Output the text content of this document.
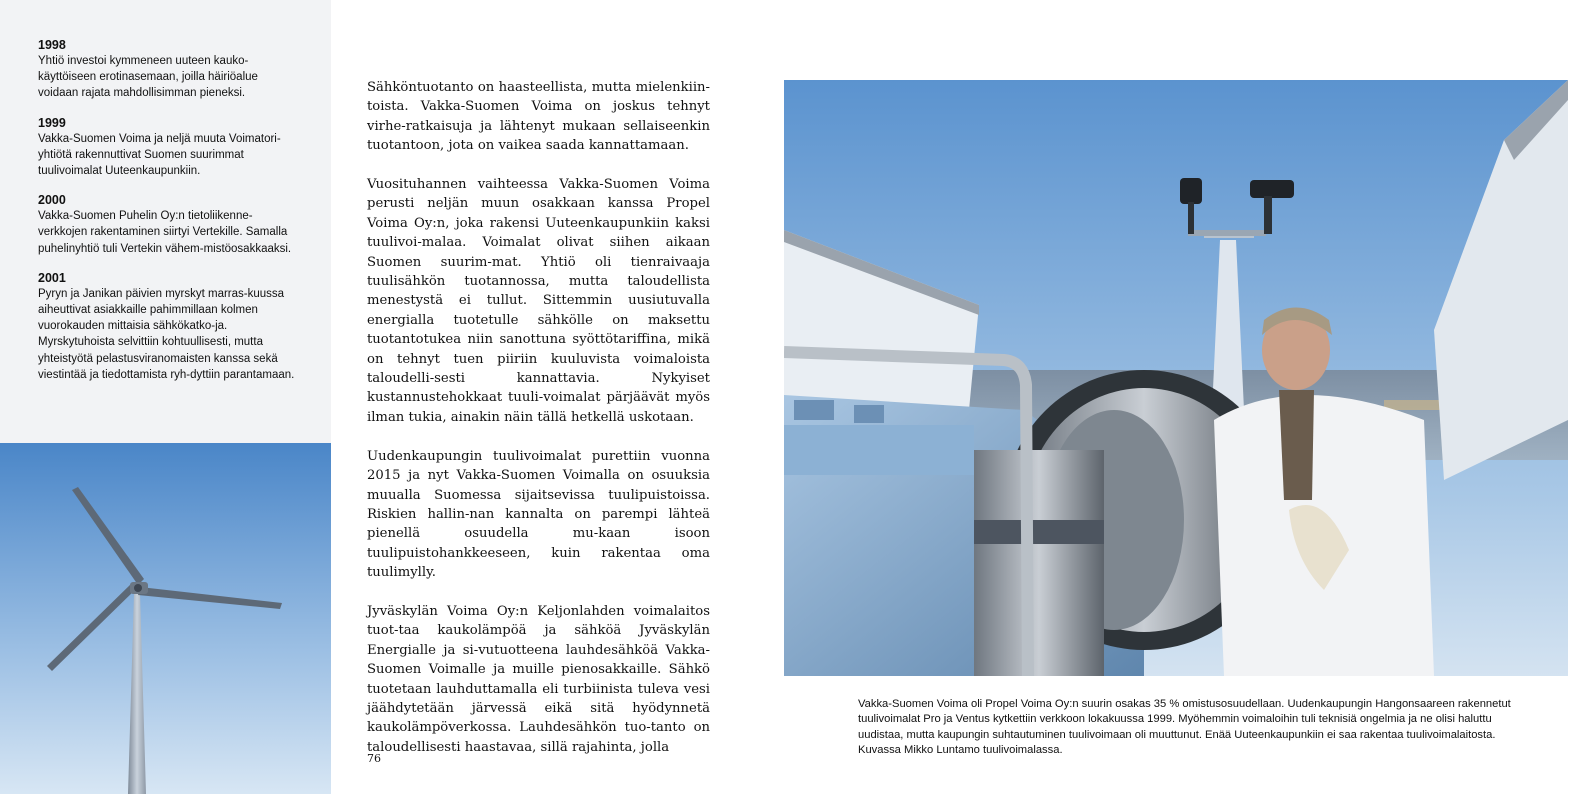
1998
Yhtiö investoi kymmeneen uuteen kauko-käyttöiseen erotinasemaan, joilla häiriöalue voidaan rajata mahdollisimman pieneksi.
1999
Vakka-Suomen Voima ja neljä muuta Voimatori-yhtiötä rakennuttivat Suomen suurimmat tuulivoimalat Uuteenkaupunkiin.
2000
Vakka-Suomen Puhelin Oy:n tietoliikenne-verkkojen rakentaminen siirtyi Vertekille. Samalla puhelinyhtiö tuli Vertekin vähem-mistöosakkaaksi.
2001
Pyryn ja Janikan päivien myrskyt marras-kuussa aiheuttivat asiakkaille pahimmillaan kolmen vuorokauden mittaisia sähkökatko-ja. Myrskytuhoista selvittiin kohtuullisesti, mutta yhteistyötä pelastusviranomaisten kanssa sekä viestintää ja tiedottamista ryh-dyttiin parantamaan.

Sähköntuotanto on haasteellista, mutta mielenkiin-toista. Vakka-Suomen Voima on joskus tehnyt virhe-ratkaisuja ja lähtenyt mukaan sellaiseenkin tuotantoon, jota on vaikea saada kannattamaan.

Vuosituhannen vaihteessa Vakka-Suomen Voima perusti neljän muun osakkaan kanssa Propel Voima Oy:n, joka rakensi Uuteenkaupunkiin kaksi tuulivoi-malaa. Voimalat olivat siihen aikaan Suomen suurim-mat. Yhtiö oli tienraivaaja tuulisähkön tuotannossa, mutta taloudellista menestystä ei tullut. Sittemmin uusiutuvalla energialla tuotetulle sähkölle on maksettu tuotantotukea niin sanottuna syöttötariffina, mikä on tehnyt tuen piiriin kuuluvista voimaloista taloudelli-sesti kannattavia. Nykyiset kustannustehokkaat tuuli-voimalat pärjäävät myös ilman tukia, ainakin näin tällä hetkellä uskotaan.

Uudenkaupungin tuulivoimalat purettiin vuonna 2015 ja nyt Vakka-Suomen Voimalla on osuuksia muualla Suomessa sijaitsevissa tuulipuistoissa. Riskien hallin-nan kannalta on parempi lähteä pienellä osuudella mu-kaan isoon tuulipuistohankkeeseen, kuin rakentaa oma tuulimylly.

Jyväskylän Voima Oy:n Keljonlahden voimalaitos tuot-taa kaukolämpöä ja sähköä Jyväskylän Energialle ja si-vutuotteena lauhdesähköä Vakka-Suomen Voimalle ja muille pienosakkaille. Sähkö tuotetaan lauhduttamalla eli turbiinista tuleva vesi jäähdytetään järvessä eikä sitä hyödynnetä kaukolämpöverkossa. Lauhdesähkön tuo-tanto on taloudellisesti haastavaa, sillä rajahinta, jolla

76
Vakka-Suomen Voima oli Propel Voima Oy:n suurin osakas 35 % omistusosuudellaan. Uudenkaupungin Hangonsaareen rakennetut tuulivoimalat Pro ja Ventus kytkettiin verkkoon lokakuussa 1999. Myöhemmin voimaloihin tuli teknisiä ongelmia ja ne olisi haluttu uudistaa, mutta kaupungin suhtautuminen tuulivoimaan oli muuttunut. Enää Uuteenkaupunkiin ei saa rakentaa tuulivoimalaitosta. Kuvassa Mikko Luntamo tuulivoimalassa.
